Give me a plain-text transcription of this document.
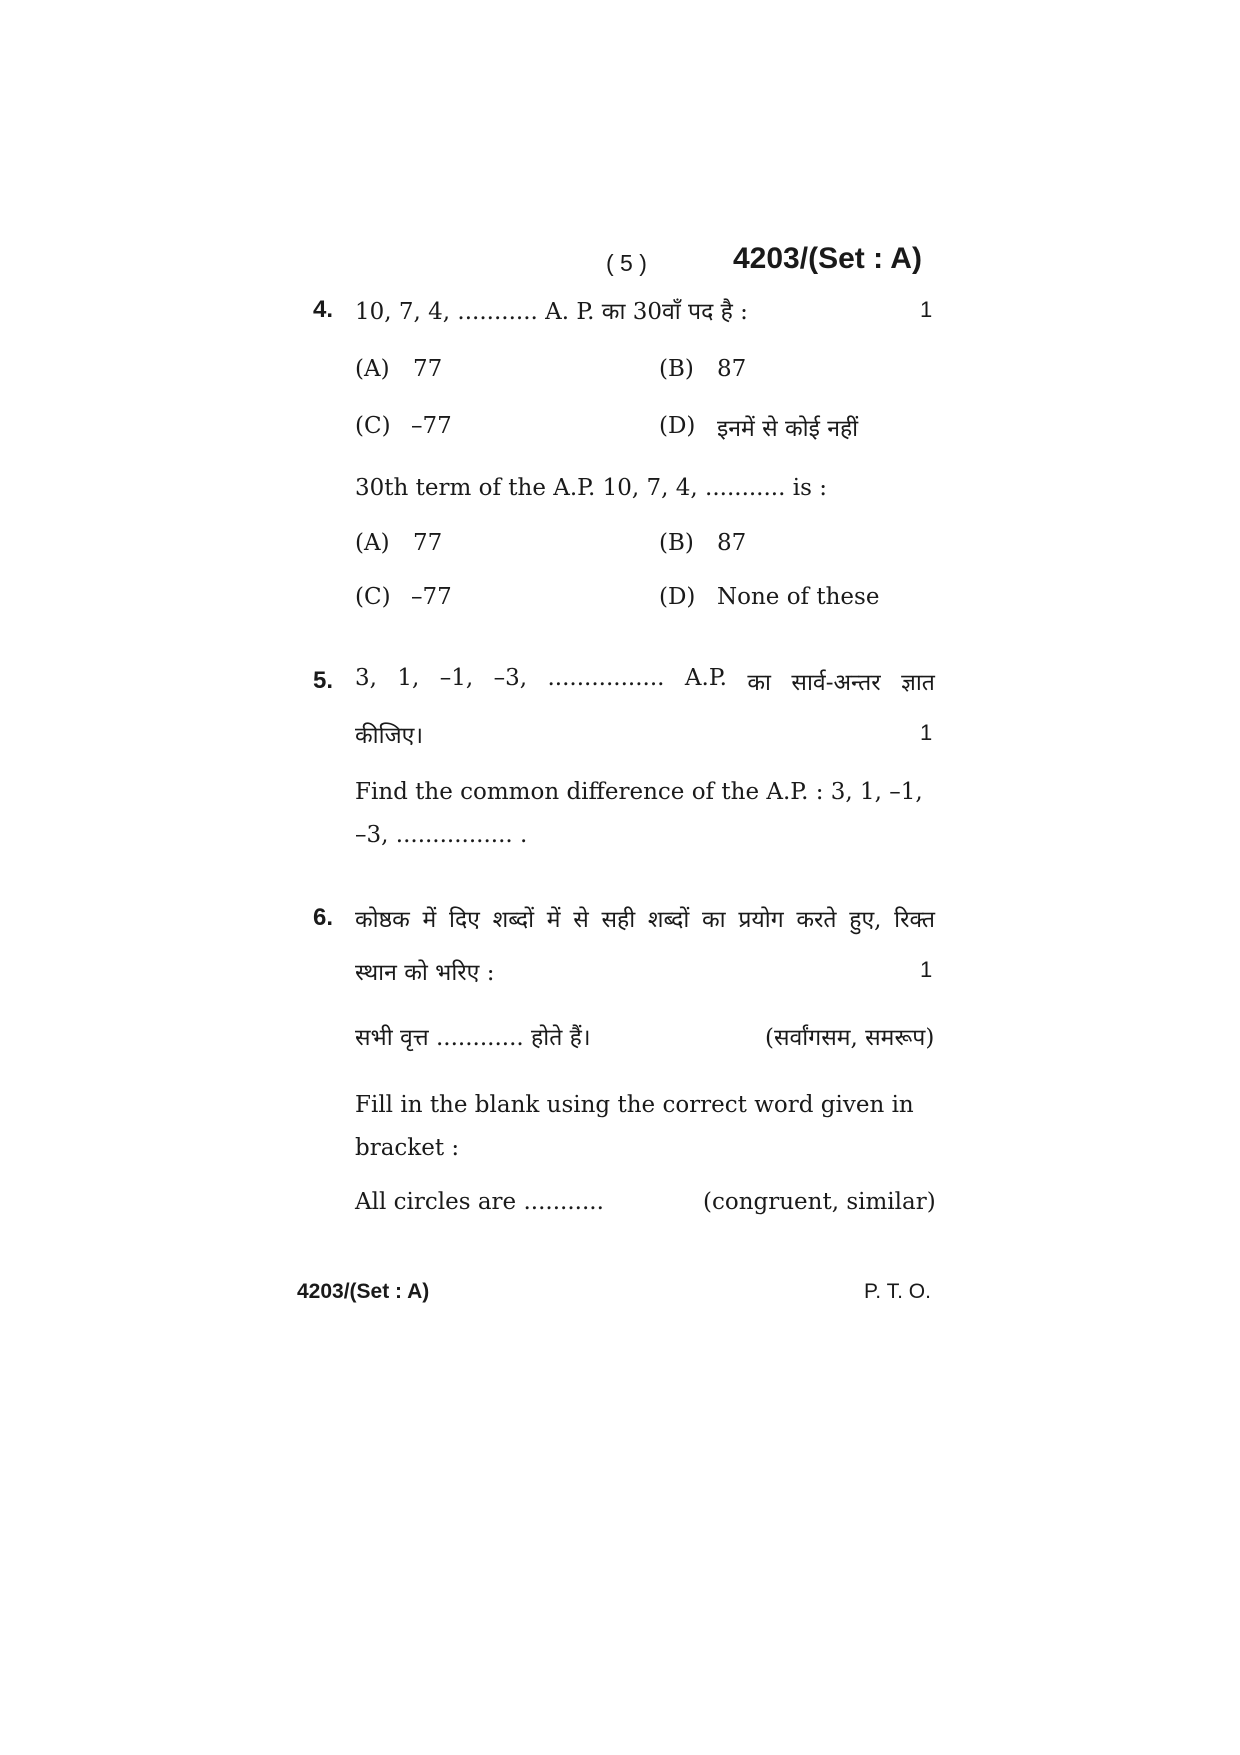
( 5 )	4203/(Set : A)
4. 10, 7, 4, ........... A. P. का 30वाँ पद है :	1
(A) 77	(B) 87
(C) –77	(D) इनमें से कोई नहीं
30th term of the A.P. 10, 7, 4, ........... is :
(A) 77	(B) 87
(C) –77	(D) None of these
5. 3, 1, –1, –3, ................ A.P. का सार्व-अन्तर ज्ञात
कीजिए।	1
Find the common difference of the A.P. : 3, 1, –1,
–3, ................ .
6. कोष्ठक में दिए शब्दों में से सही शब्दों का प्रयोग करते हुए, रिक्त
स्थान को भरिए :	1
सभी वृत्त ............ होते हैं।	(सर्वांगसम, समरूप)
Fill in the blank using the correct word given in
bracket :
All circles are ...........	(congruent, similar)
4203/(Set : A)	P. T. O.
